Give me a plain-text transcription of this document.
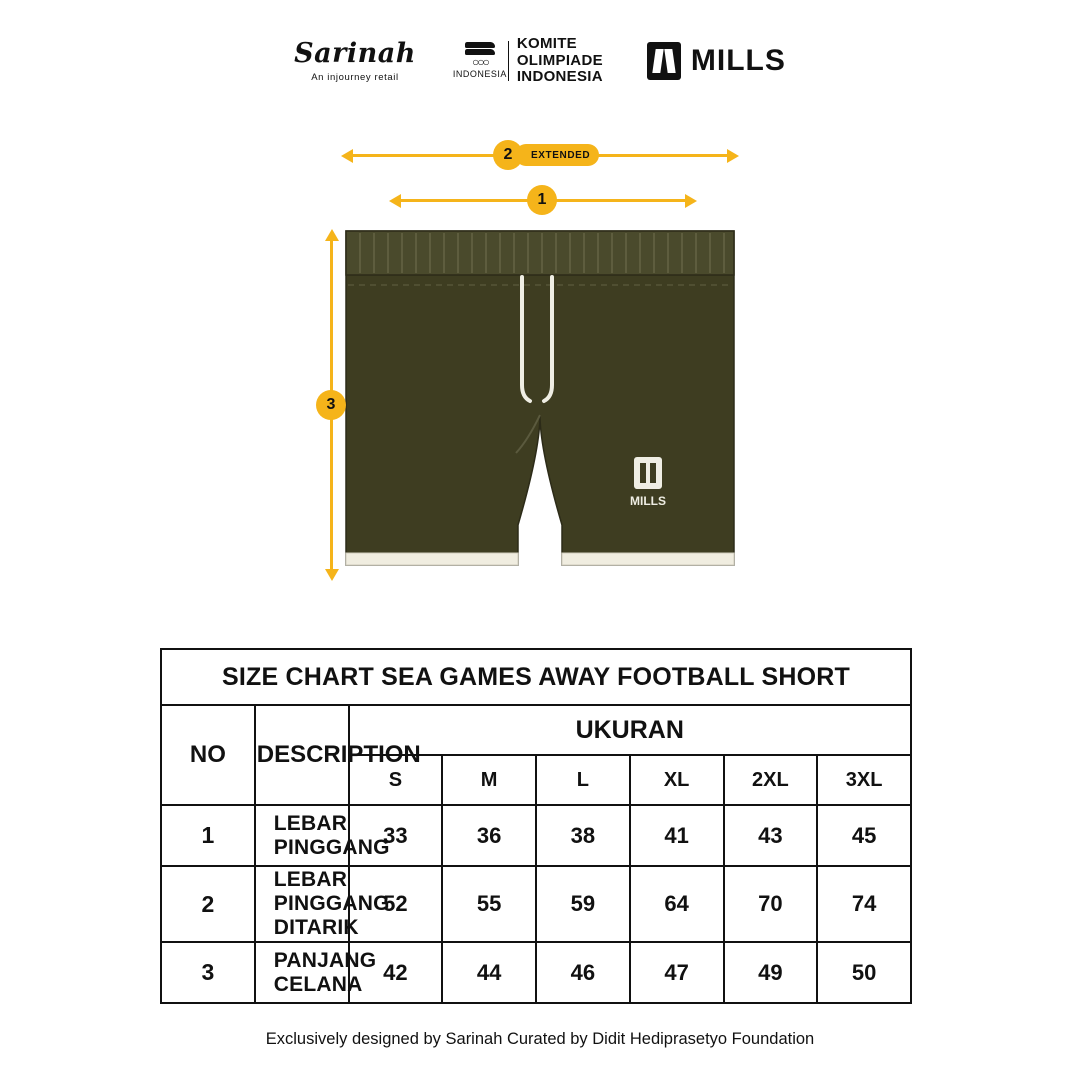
Sarinah
An injourney retail
○○○
INDONESIA
KOMITE
OLIMPIADE
INDONESIA	MILLS
2	EXTENDED
1
3
MILLS
SIZE CHART SEA GAMES AWAY FOOTBALL SHORT							
NO	DESCRIPTION	UKURAN					
		S	M	L	XL	2XL	3XL
1	LEBAR PINGGANG	33	36	38	41	43	45
2	LEBAR PINGGANG DITARIK	52	55	59	64	70	74
3	PANJANG CELANA	42	44	46	47	49	50
Exclusively designed by Sarinah Curated by Didit Hediprasetyo Foundation
